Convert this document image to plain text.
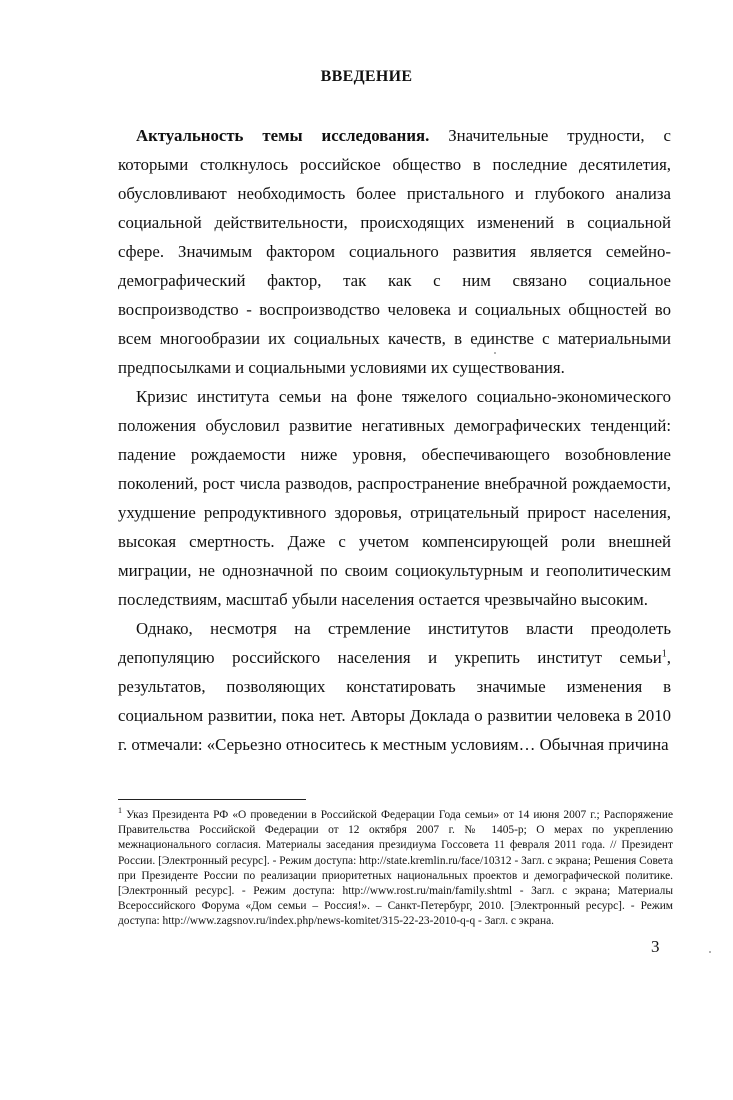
ВВЕДЕНИЕ

Актуальность темы исследования. Значительные трудности, с которыми столкнулось российское общество в последние десятилетия, обусловливают необходимость более пристального и глубокого анализа социальной действительности, происходящих изменений в социальной сфере. Значимым фактором социального развития является семейно-демографический фактор, так как с ним связано социальное воспроизводство - воспроизводство человека и социальных общностей во всем многообразии их социальных качеств, в единстве с материальными предпосылками и социальными условиями их существования.

Кризис института семьи на фоне тяжелого социально-экономического положения обусловил развитие негативных демографических тенденций: падение рождаемости ниже уровня, обеспечивающего возобновление поколений, рост числа разводов, распространение внебрачной рождаемости, ухудшение репродуктивного здоровья, отрицательный прирост населения, высокая смертность. Даже с учетом компенсирующей роли внешней миграции, не однозначной по своим социокультурным и геополитическим последствиям, масштаб убыли населения остается чрезвычайно высоким.

Однако, несмотря на стремление институтов власти преодолеть депопуляцию российского населения и укрепить институт семьи$^1$, результатов, позволяющих констатировать значимые изменения в социальном развитии, пока нет. Авторы Доклада о развитии человека в 2010 г. отмечали: «Серьезно относитесь к местным условиям… Обычная причина

$^1$ Указ Президента РФ «О проведении в Российской Федерации Года семьи» от 14 июня 2007 г.; Распоряжение Правительства Российской Федерации от 12 октября 2007 г. № 1405-р; О мерах по укреплению межнационального согласия. Материалы заседания президиума Госсовета 11 февраля 2011 года. // Президент России. [Электронный ресурс]. - Режим доступа: http://state.kremlin.ru/face/10312 - Загл. с экрана; Решения Совета при Президенте России по реализации приоритетных национальных проектов и демографической политике. [Электронный ресурс]. - Режим доступа: http://www.rost.ru/main/family.shtml - Загл. с экрана; Материалы Всероссийского Форума «Дом семьи – Россия!». – Санкт-Петербург, 2010. [Электронный ресурс]. - Режим доступа: http://www.zagsnov.ru/index.php/news-komitet/315-22-23-2010-q-q - Загл. с экрана.
3
